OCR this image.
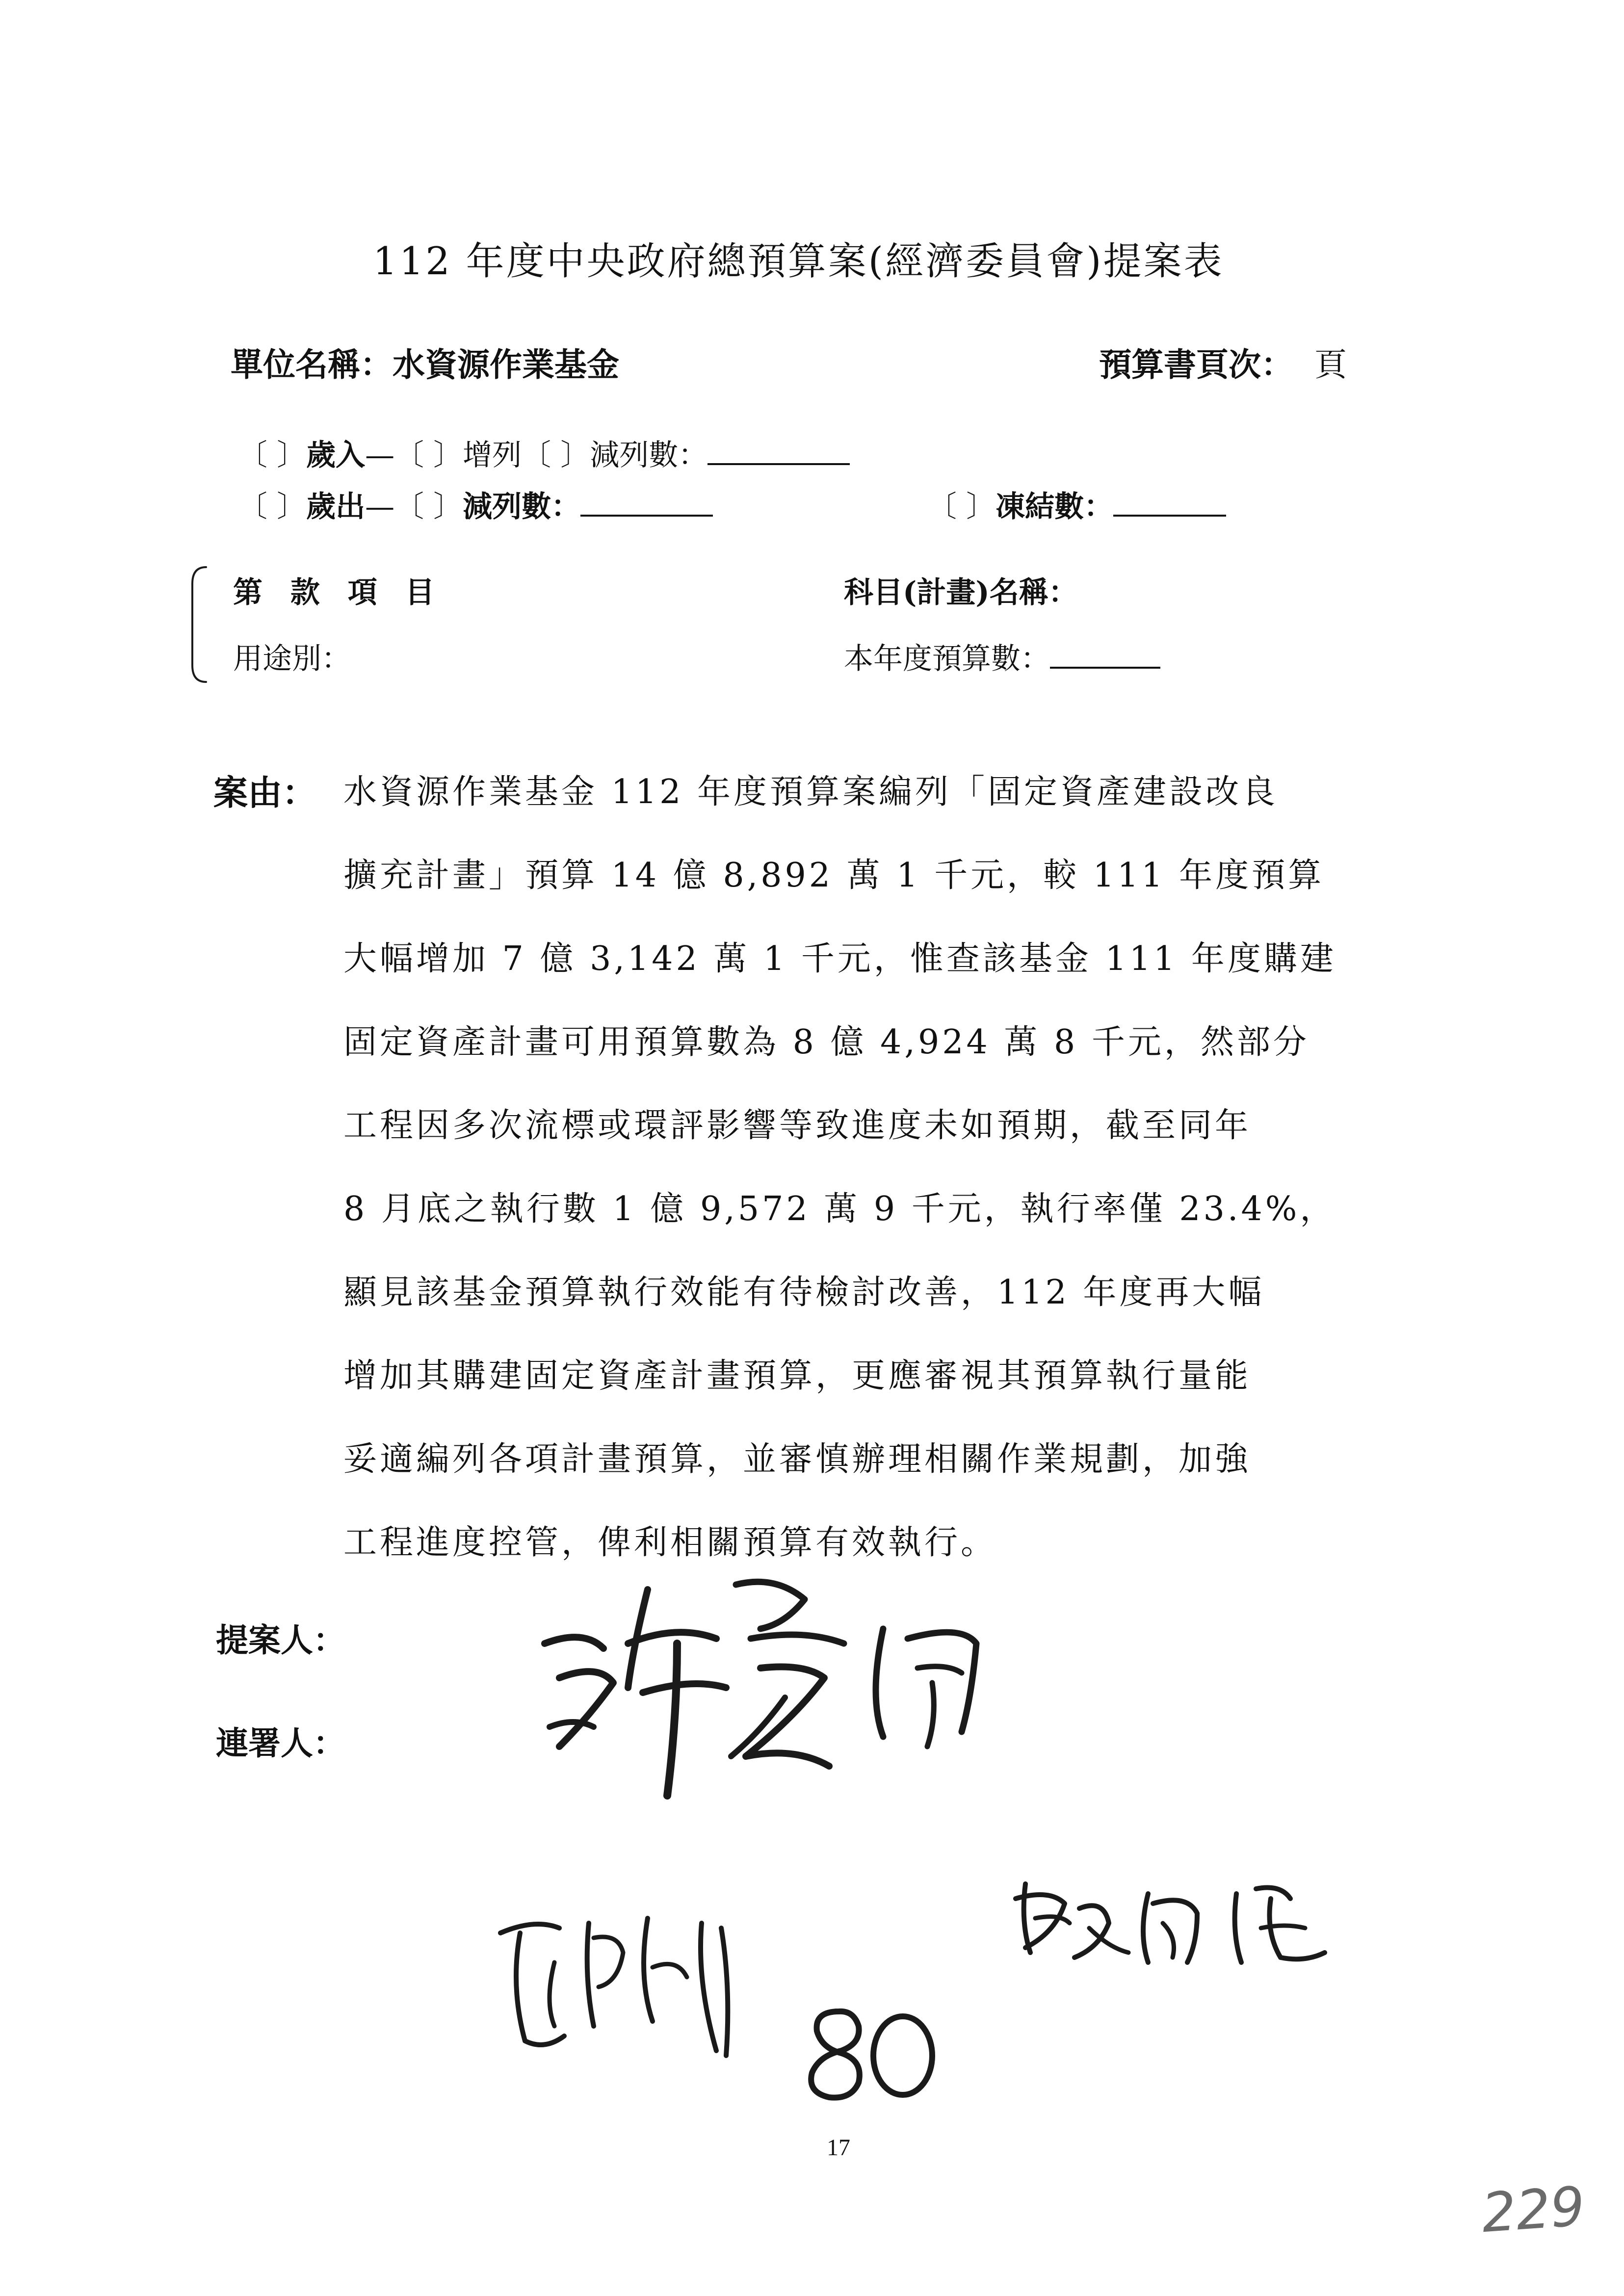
112 年度中央政府總預算案(經濟委員會)提案表
單位名稱：水資源作業基金	預算書頁次： 頁
〔 〕歲入—〔 〕增列〔 〕減列數：
〔 〕歲出—〔 〕減列數：	〔 〕凍結數：
第 款 項 目
用途別：
科目(計畫)名稱：
本年度預算數：
案由： 水資源作業基金 112 年度預算案編列「固定資產建設改良
擴充計畫」預算 14 億 8,892 萬 1 千元，較 111 年度預算
大幅增加 7 億 3,142 萬 1 千元，惟查該基金 111 年度購建
固定資產計畫可用預算數為 8 億 4,924 萬 8 千元，然部分
工程因多次流標或環評影響等致進度未如預期，截至同年
8 月底之執行數 1 億 9,572 萬 9 千元，執行率僅 23.4%，
顯見該基金預算執行效能有待檢討改善，112 年度再大幅
增加其購建固定資產計畫預算，更應審視其預算執行量能
妥適編列各項計畫預算，並審慎辦理相關作業規劃，加強
工程進度控管，俾利相關預算有效執行。
提案人：
連署人：
80
17
229
